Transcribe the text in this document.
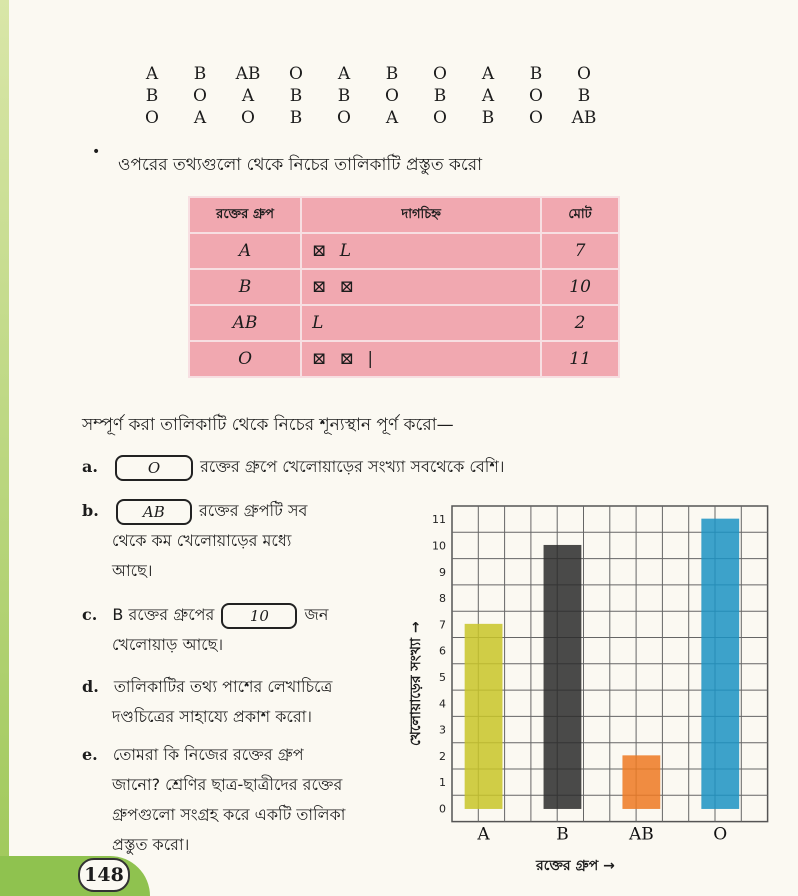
A	B	AB	O	A	B	O	A	B	O
B	O	A	B	B	O	B	A	O	B
O	A	O	B	O	A	O	B	O	AB
•
ওপরের তথ্যগুলো থেকে নিচের তালিকাটি প্রস্তুত করো
রক্তের গ্রুপ	দাগচিহ্ন	মোট
A	⊠ L	7
B	⊠ ⊠	10
AB	L	2
O	⊠ ⊠ |	11
সম্পূর্ণ করা তালিকাটি থেকে নিচের শূন্যস্থান পূর্ণ করো—
a.	O রক্তের গ্রুপে খেলোয়াড়ের সংখ্যা সবথেকে বেশি।
b.	AB রক্তের গ্রুপটি সব
থেকে কম খেলোয়াড়ের মধ্যে
আছে।
c. B রক্তের গ্রুপের 10 জন
খেলোয়াড় আছে।
d. তালিকাটির তথ্য পাশের লেখাচিত্রে
দণ্ডচিত্রের সাহায্যে প্রকাশ করো।
e. তোমরা কি নিজের রক্তের গ্রুপ
জানো? শ্রেণির ছাত্র-ছাত্রীদের রক্তের
গ্রুপগুলো সংগ্রহ করে একটি তালিকা
প্রস্তুত করো।
0
1
2
3
4
5
6
7
8
9
10
11
A	B	AB	O
খেলোয়াড়ের সংখ্যা →
রক্তের গ্রুপ →
148
